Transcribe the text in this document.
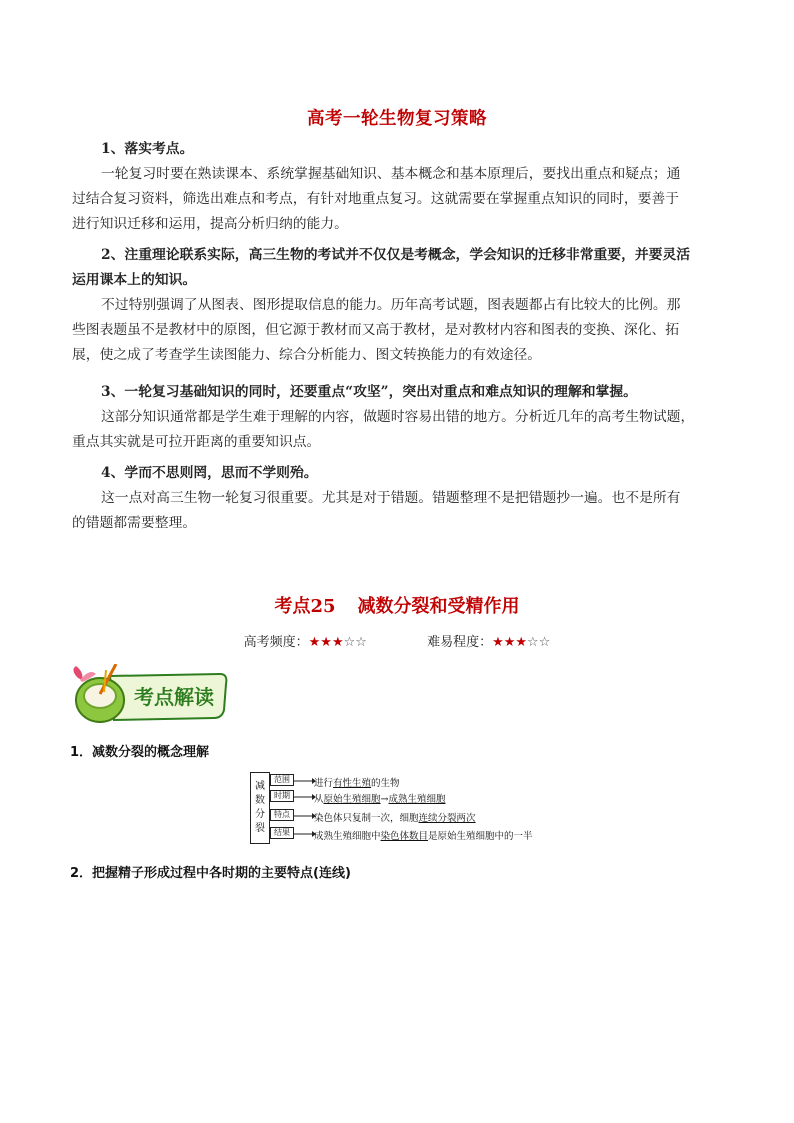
高考一轮生物复习策略
1、落实考点。
一轮复习时要在熟读课本、系统掌握基础知识、基本概念和基本原理后，要找出重点和疑点；通
过结合复习资料，筛选出难点和考点，有针对地重点复习。这就需要在掌握重点知识的同时，要善于
进行知识迁移和运用，提高分析归纳的能力。
2、注重理论联系实际，高三生物的考试并不仅仅是考概念，学会知识的迁移非常重要，并要灵活
运用课本上的知识。
不过特别强调了从图表、图形提取信息的能力。历年高考试题，图表题都占有比较大的比例。那
些图表题虽不是教材中的原图，但它源于教材而又高于教材，是对教材内容和图表的变换、深化、拓
展，使之成了考查学生读图能力、综合分析能力、图文转换能力的有效途径。
3、一轮复习基础知识的同时，还要重点“攻坚”，突出对重点和难点知识的理解和掌握。
这部分知识通常都是学生难于理解的内容，做题时容易出错的地方。分析近几年的高考生物试题，
重点其实就是可拉开距离的重要知识点。
4、学而不思则罔，思而不学则殆。
这一点对高三生物一轮复习很重要。尤其是对于错题。错题整理不是把错题抄一遍。也不是所有
的错题都需要整理。
考点25 减数分裂和受精作用
高考频度：★★★☆☆	难易程度：★★★☆☆
考点解读
1．减数分裂的概念理解
减
数
分
裂
范围
时期
特点
结果
进行有性生殖的生物
从原始生殖细胞→成熟生殖细胞
染色体只复制一次，细胞连续分裂两次
成熟生殖细胞中染色体数目是原始生殖细胞中的一半
2．把握精子形成过程中各时期的主要特点(连线)
